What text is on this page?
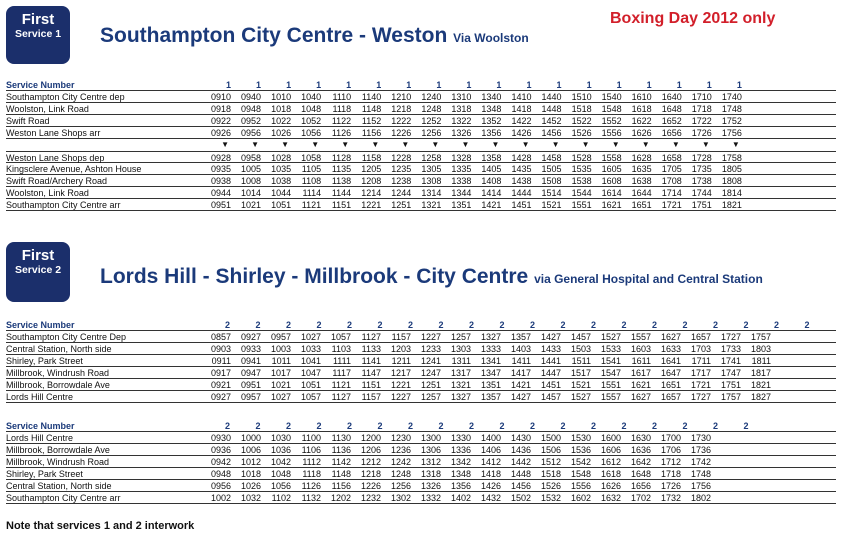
First
Service 1	Southampton City Centre - Weston Via Woolston
Boxing Day 2012 only
Service Number	1	1	1	1	1	1	1	1	1	1	1	1	1	1	1	1	1	1
Southampton City Centre dep	0910	0940	1010	1040	1110	1140	1210	1240	1310	1340	1410	1440	1510	1540	1610	1640	1710	1740
Woolston, Link Road	0918	0948	1018	1048	1118	1148	1218	1248	1318	1348	1418	1448	1518	1548	1618	1648	1718	1748
Swift Road	0922	0952	1022	1052	1122	1152	1222	1252	1322	1352	1422	1452	1522	1552	1622	1652	1722	1752
Weston Lane Shops arr	0926	0956	1026	1056	1126	1156	1226	1256	1326	1356	1426	1456	1526	1556	1626	1656	1726	1756
▼	▼	▼	▼	▼	▼	▼	▼	▼	▼	▼	▼	▼	▼	▼	▼	▼	▼
Weston Lane Shops dep	0928	0958	1028	1058	1128	1158	1228	1258	1328	1358	1428	1458	1528	1558	1628	1658	1728	1758
Kingsclere Avenue, Ashton House	0935	1005	1035	1105	1135	1205	1235	1305	1335	1405	1435	1505	1535	1605	1635	1705	1735	1805
Swift Road/Archery Road	0938	1008	1038	1108	1138	1208	1238	1308	1338	1408	1438	1508	1538	1608	1638	1708	1738	1808
Woolston, Link Road	0944	1014	1044	1114	1144	1214	1244	1314	1344	1414	1444	1514	1544	1614	1644	1714	1744	1814
Southampton City Centre arr	0951	1021	1051	1121	1151	1221	1251	1321	1351	1421	1451	1521	1551	1621	1651	1721	1751	1821
First
Service 2	Lords Hill - Shirley - Millbrook - City Centre via General Hospital and Central Station
Service Number	2	2	2	2	2	2	2	2	2	2	2	2	2	2	2	2	2	2	2	2
Southampton City Centre Dep	0857	0927	0957	1027	1057	1127	1157	1227	1257	1327	1357	1427	1457	1527	1557	1627	1657	1727	1757
Central Station, North side	0903	0933	1003	1033	1103	1133	1203	1233	1303	1333	1403	1433	1503	1533	1603	1633	1703	1733	1803
Shirley, Park Street	0911	0941	1011	1041	1111	1141	1211	1241	1311	1341	1411	1441	1511	1541	1611	1641	1711	1741	1811
Millbrook, Windrush Road	0917	0947	1017	1047	1117	1147	1217	1247	1317	1347	1417	1447	1517	1547	1617	1647	1717	1747	1817
Millbrook, Borrowdale Ave	0921	0951	1021	1051	1121	1151	1221	1251	1321	1351	1421	1451	1521	1551	1621	1651	1721	1751	1821
Lords Hill Centre	0927	0957	1027	1057	1127	1157	1227	1257	1327	1357	1427	1457	1527	1557	1627	1657	1727	1757	1827
Service Number	2	2	2	2	2	2	2	2	2	2	2	2	2	2	2	2	2	2
Lords Hill Centre	0930	1000	1030	1100	1130	1200	1230	1300	1330	1400	1430	1500	1530	1600	1630	1700	1730
Millbrook, Borrowdale Ave	0936	1006	1036	1106	1136	1206	1236	1306	1336	1406	1436	1506	1536	1606	1636	1706	1736
Millbrook, Windrush Road	0942	1012	1042	1112	1142	1212	1242	1312	1342	1412	1442	1512	1542	1612	1642	1712	1742
Shirley, Park Street	0948	1018	1048	1118	1148	1218	1248	1318	1348	1418	1448	1518	1548	1618	1648	1718	1748
Central Station, North side	0956	1026	1056	1126	1156	1226	1256	1326	1356	1426	1456	1526	1556	1626	1656	1726	1756
Southampton City Centre arr	1002	1032	1102	1132	1202	1232	1302	1332	1402	1432	1502	1532	1602	1632	1702	1732	1802
Note that services 1 and 2 interwork
